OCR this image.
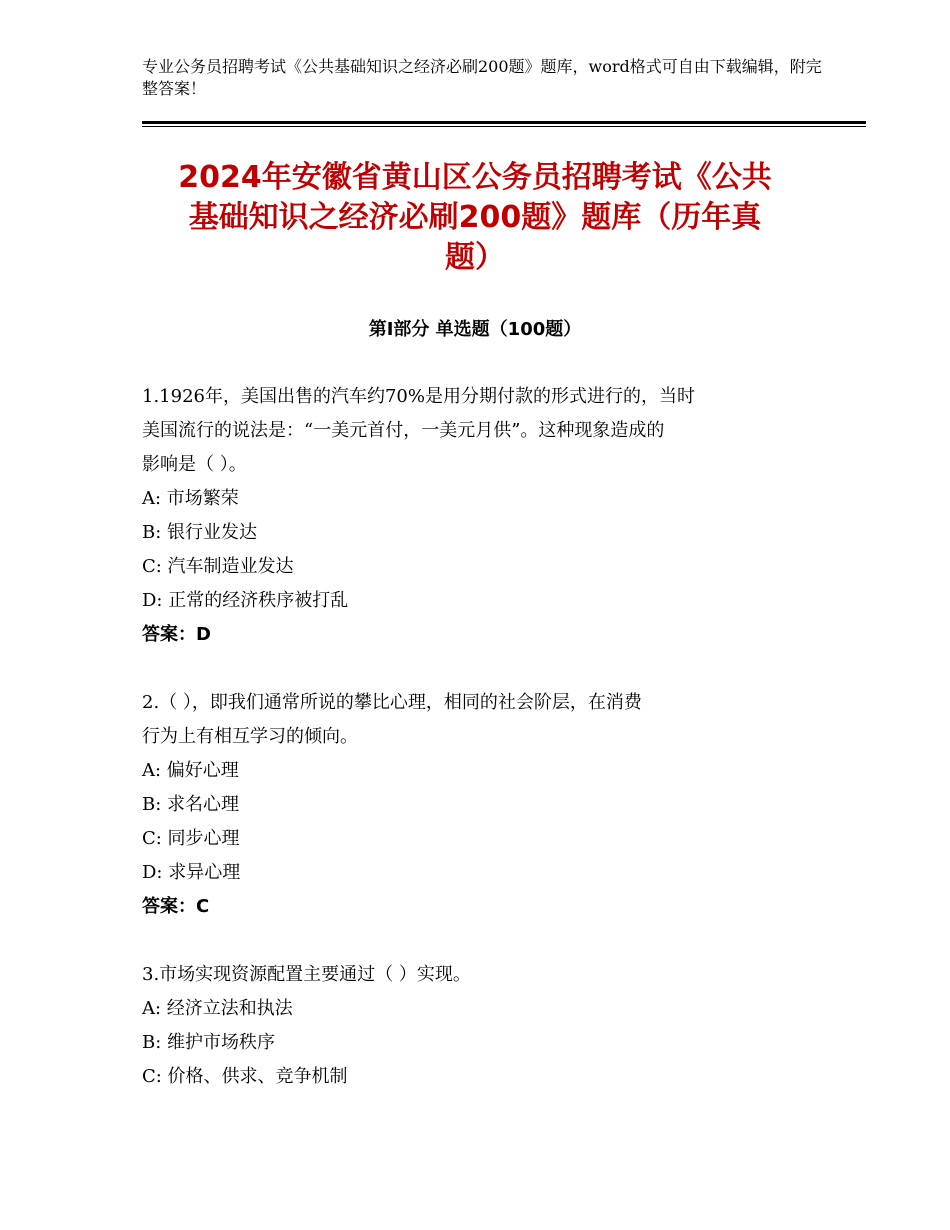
专业公务员招聘考试《公共基础知识之经济必刷200题》题库，word格式可自由下载编辑，附完整答案！
2024年安徽省黄山区公务员招聘考试《公共
基础知识之经济必刷200题》题库（历年真
题）
第Ⅰ部分 单选题（100题）
1.1926年，美国出售的汽车约70%是用分期付款的形式进行的，当时
美国流行的说法是：“一美元首付，一美元月供”。这种现象造成的
影响是（ ）。
A: 市场繁荣
B: 银行业发达
C: 汽车制造业发达
D: 正常的经济秩序被打乱
答案：D
2.（ ），即我们通常所说的攀比心理，相同的社会阶层，在消费
行为上有相互学习的倾向。
A: 偏好心理
B: 求名心理
C: 同步心理
D: 求异心理
答案：C
3.市场实现资源配置主要通过（ ）实现。
A: 经济立法和执法
B: 维护市场秩序
C: 价格、供求、竞争机制
